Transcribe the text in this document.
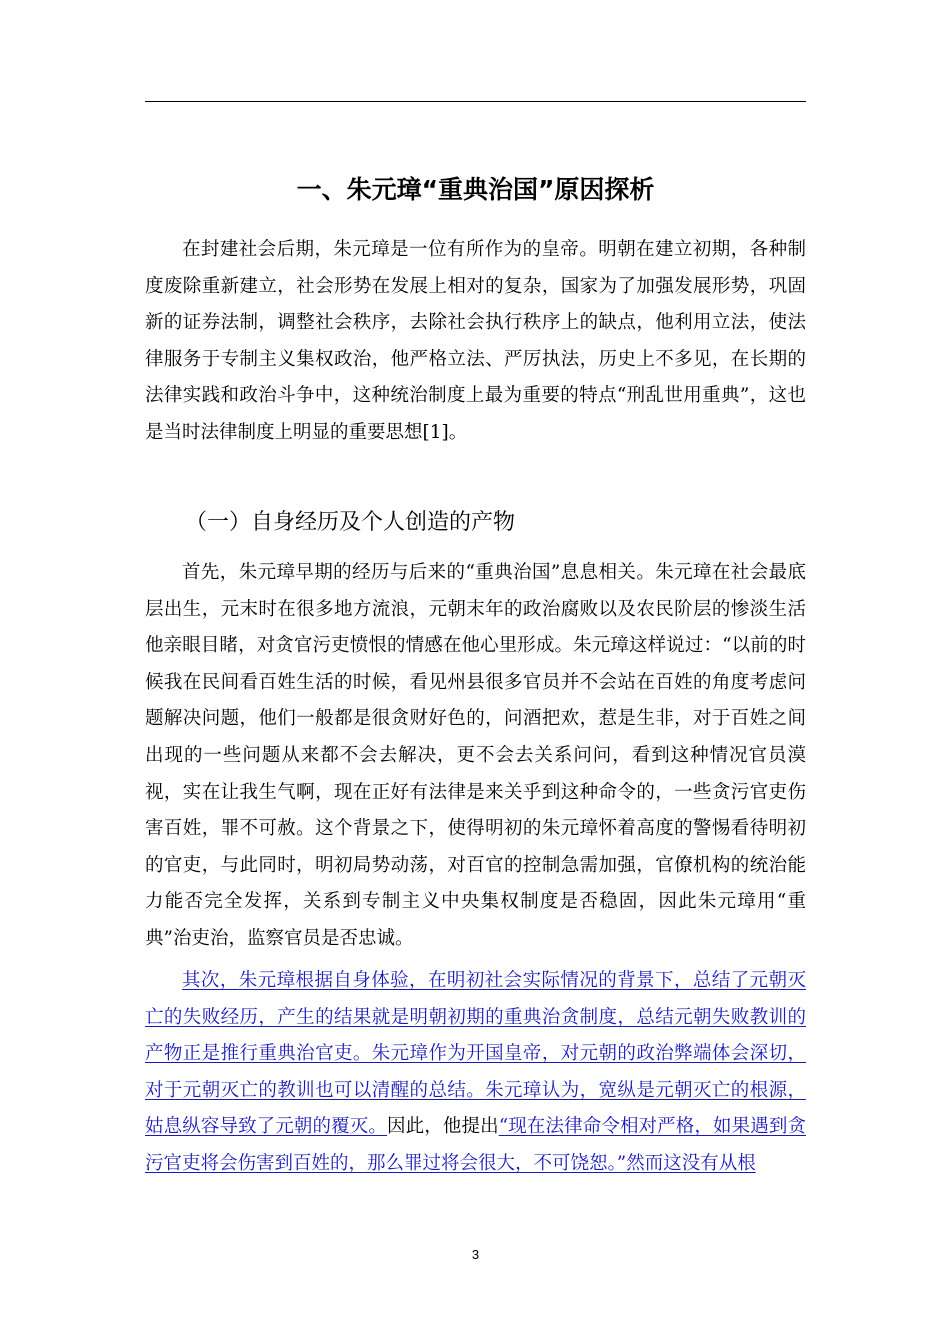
一、朱元璋“重典治国”原因探析

在封建社会后期，朱元璋是一位有所作为的皇帝。明朝在建立初期，各种制度废除重新建立，社会形势在发展上相对的复杂，国家为了加强发展形势，巩固新的证券法制，调整社会秩序，去除社会执行秩序上的缺点，他利用立法，使法律服务于专制主义集权政治，他严格立法、严厉执法，历史上不多见，在长期的法律实践和政治斗争中，这种统治制度上最为重要的特点“刑乱世用重典”，这也是当时法律制度上明显的重要思想[1]。

（一）自身经历及个人创造的产物

首先，朱元璋早期的经历与后来的“重典治国”息息相关。朱元璋在社会最底层出生，元末时在很多地方流浪，元朝末年的政治腐败以及农民阶层的惨淡生活他亲眼目睹，对贪官污吏愤恨的情感在他心里形成。朱元璋这样说过：“以前的时候我在民间看百姓生活的时候，看见州县很多官员并不会站在百姓的角度考虑问题解决问题，他们一般都是很贪财好色的，问酒把欢，惹是生非，对于百姓之间出现的一些问题从来都不会去解决，更不会去关系问问，看到这种情况官员漠视，实在让我生气啊，现在正好有法律是来关乎到这种命令的，一些贪污官吏伤害百姓，罪不可赦。这个背景之下，使得明初的朱元璋怀着高度的警惕看待明初的官吏，与此同时，明初局势动荡，对百官的控制急需加强，官僚机构的统治能力能否完全发挥，关系到专制主义中央集权制度是否稳固，因此朱元璋用“重典”治吏治，监察官员是否忠诚。

其次，朱元璋根据自身体验，在明初社会实际情况的背景下，总结了元朝灭亡的失败经历，产生的结果就是明朝初期的重典治贪制度，总结元朝失败教训的产物正是推行重典治官吏。朱元璋作为开国皇帝，对元朝的政治弊端体会深切，对于元朝灭亡的教训也可以清醒的总结。朱元璋认为，宽纵是元朝灭亡的根源，姑息纵容导致了元朝的覆灭。因此，他提出“现在法律命令相对严格，如果遇到贪污官吏将会伤害到百姓的，那么罪过将会很大，不可饶恕。”然而这没有从根

3
